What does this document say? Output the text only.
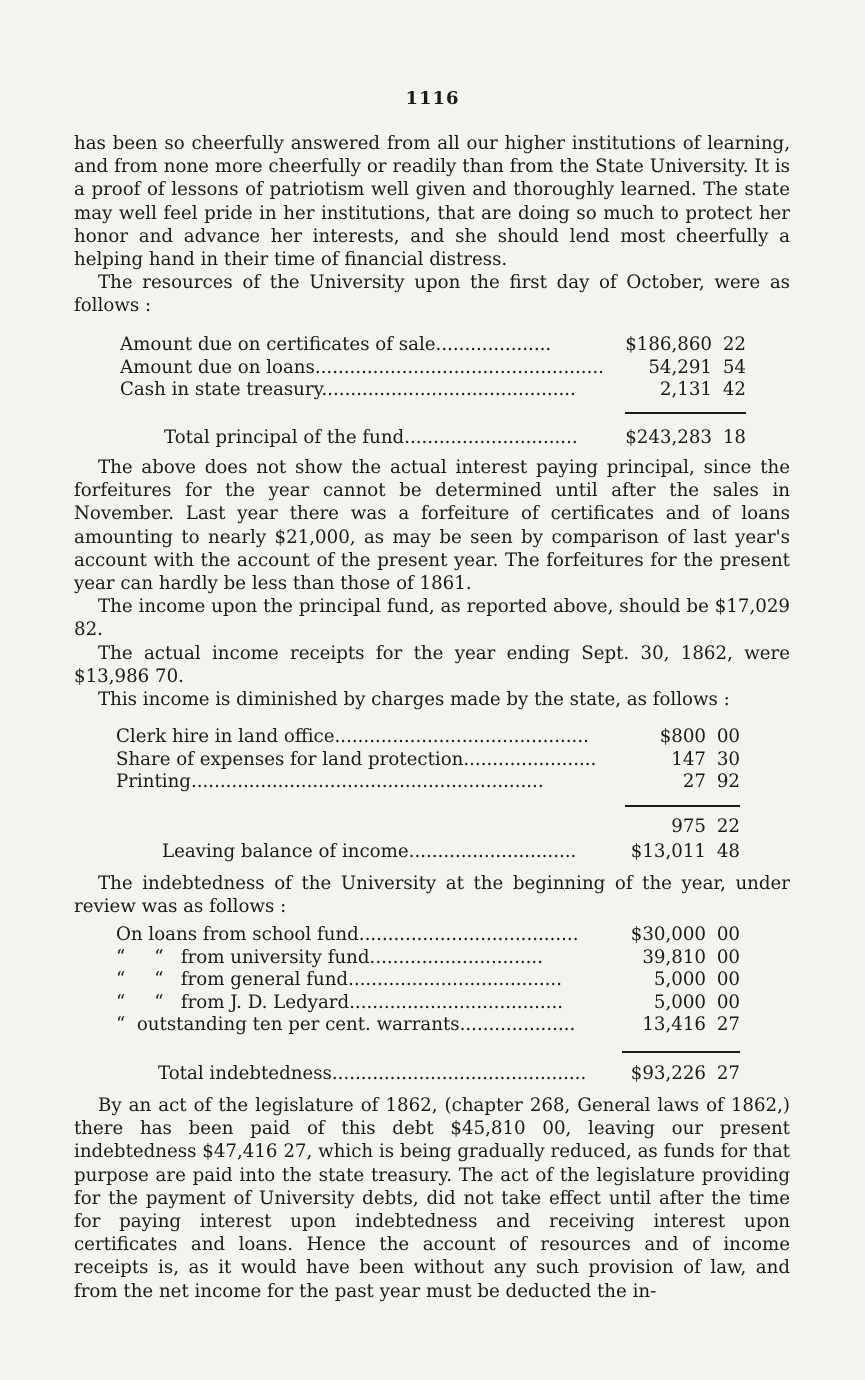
1116

has been so cheerfully answered from all our higher institutions of learning, and from none more cheerfully or readily than from the State University. It is a proof of lessons of patriotism well given and thoroughly learned. The state may well feel pride in her institutions, that are doing so much to protect her honor and advance her interests, and she should lend most cheerfully a helping hand in their time of financial distress.

The resources of the University upon the first day of October, were as follows :

Amount due on certificates of sale....................	$186,860 22
Amount due on loans..................................................	54,291 54
Cash in state treasury............................................	2,131 42
Total principal of the fund..............................	$243,283 18

The above does not show the actual interest paying principal, since the forfeitures for the year cannot be determined until after the sales in November. Last year there was a forfeiture of certificates and of loans amounting to nearly $21,000, as may be seen by comparison of last year's account with the account of the present year. The forfeitures for the present year can hardly be less than those of 1861.

The income upon the principal fund, as reported above, should be $17,029 82.

The actual income receipts for the year ending Sept. 30, 1862, were $13,986 70.

This income is diminished by charges made by the state, as follows :

Clerk hire in land office............................................	$800 00
Share of expenses for land protection.......................	147 30
Printing.............................................................	27 92
975 22
Leaving balance of income.............................	$13,011 48

The indebtedness of the University at the beginning of the year, under review was as follows :

On loans from school fund......................................	$30,000 00
“     “   from university fund..............................	39,810 00
“     “   from general fund.....................................	5,000 00
“     “   from J. D. Ledyard.....................................	5,000 00
“  outstanding ten per cent. warrants....................	13,416 27
Total indebtedness............................................	$93,226 27

By an act of the legislature of 1862, (chapter 268, General laws of 1862,) there has been paid of this debt $45,810 00, leaving our present indebtedness $47,416 27, which is being gradually reduced, as funds for that purpose are paid into the state treasury. The act of the legislature providing for the payment of University debts, did not take effect until after the time for paying interest upon indebtedness and receiving interest upon certificates and loans. Hence the account of resources and of income receipts is, as it would have been without any such provision of law, and from the net income for the past year must be deducted the in-
